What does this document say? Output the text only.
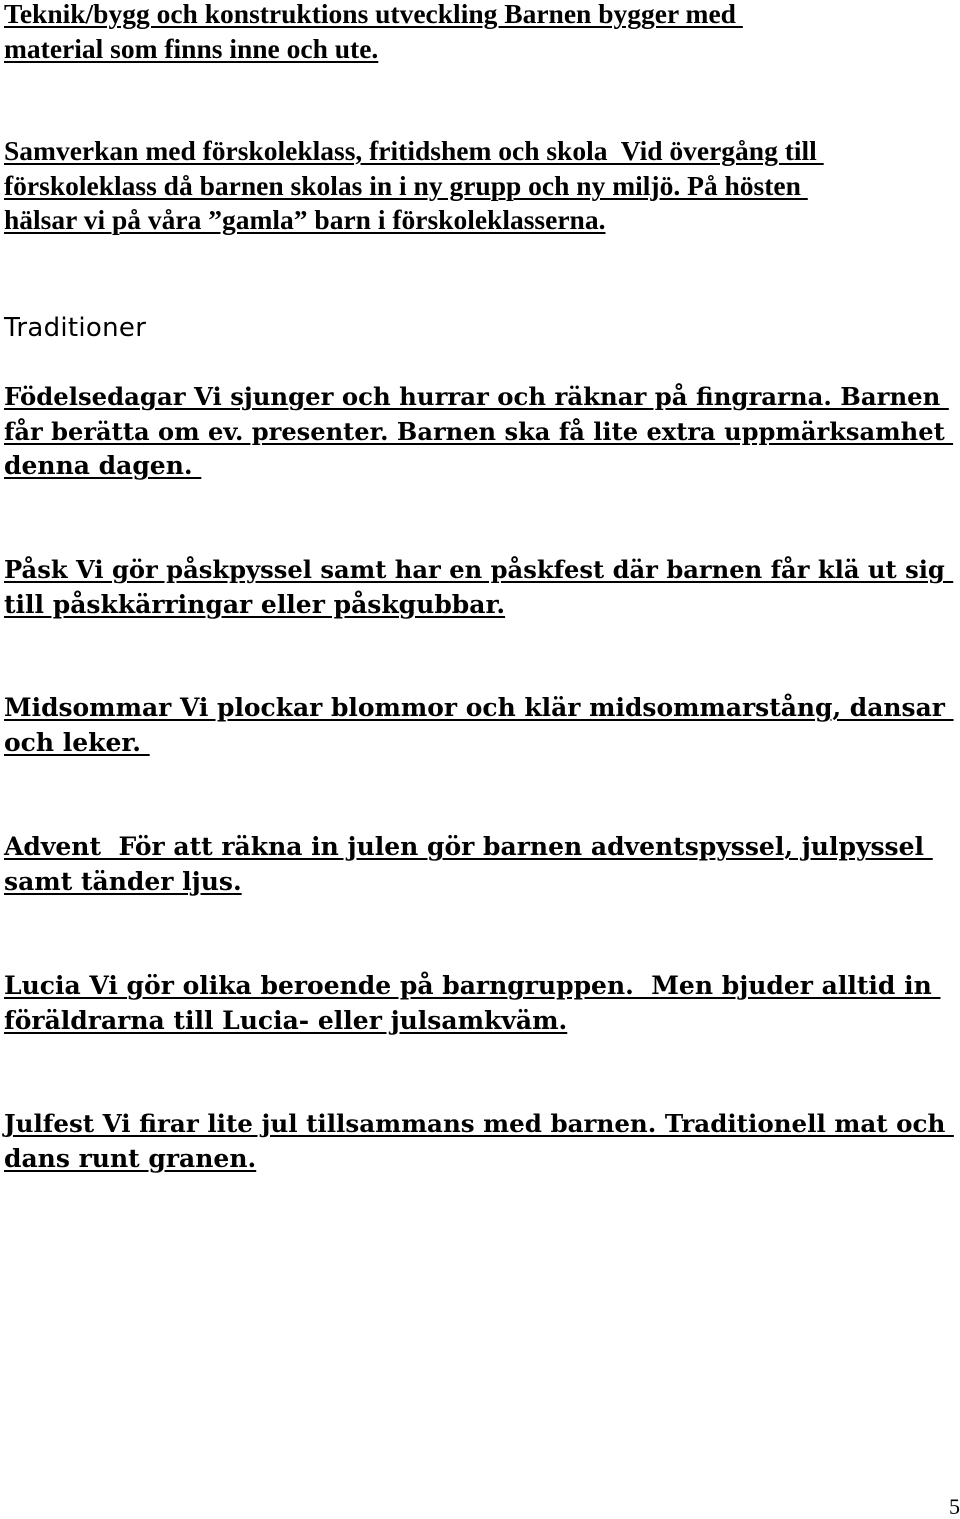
Teknik/bygg och konstruktions utveckling Barnen bygger med
material som finns inne och ute.

Samverkan med förskoleklass, fritidshem och skola  Vid övergång till
förskoleklass då barnen skolas in i ny grupp och ny miljö. På hösten
hälsar vi på våra ”gamla” barn i förskoleklasserna.

Traditioner

Födelsedagar Vi sjunger och hurrar och räknar på fingrarna. Barnen
får berätta om ev. presenter. Barnen ska få lite extra uppmärksamhet
denna dagen.

Påsk Vi gör påskpyssel samt har en påskfest där barnen får klä ut sig
till påskkärringar eller påskgubbar.

Midsommar Vi plockar blommor och klär midsommarstång, dansar
och leker.

Advent  För att räkna in julen gör barnen adventspyssel, julpyssel
samt tänder ljus.

Lucia Vi gör olika beroende på barngruppen.  Men bjuder alltid in
föräldrarna till Lucia- eller julsamkväm.

Julfest Vi firar lite jul tillsammans med barnen. Traditionell mat och
dans runt granen.

5
